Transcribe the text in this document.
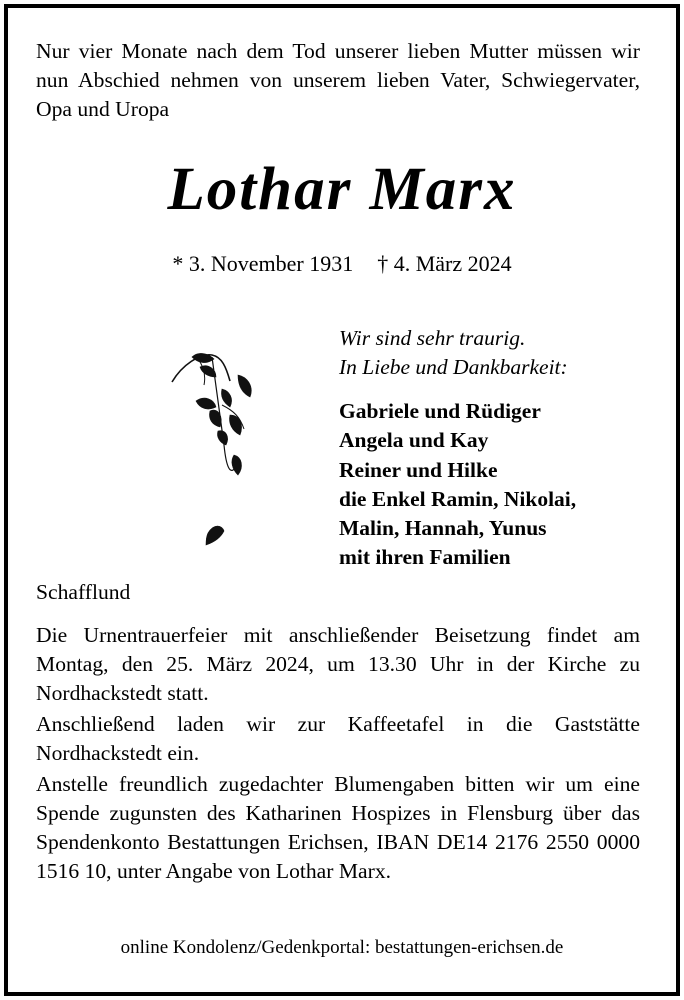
Nur vier Monate nach dem Tod unserer lieben Mutter müssen wir nun Abschied nehmen von unserem lieben Vater, Schwiegervater, Opa und Uropa
Lothar Marx
* 3. November 1931 † 4. März 2024
Wir sind sehr traurig.
In Liebe und Dankbarkeit:
Gabriele und Rüdiger
Angela und Kay
Reiner und Hilke
die Enkel Ramin, Nikolai,
Malin, Hannah, Yunus
mit ihren Familien
Schafflund

Die Urnentrauerfeier mit anschließender Beisetzung findet am Montag, den 25. März 2024, um 13.30 Uhr in der Kirche zu Nordhackstedt statt.

Anschließend laden wir zur Kaffeetafel in die Gaststätte Nordhackstedt ein.

Anstelle freundlich zugedachter Blumengaben bitten wir um eine Spende zugunsten des Katharinen Hospizes in Flensburg über das Spendenkonto Bestattungen Erichsen, IBAN DE14 2176 2550 0000 1516 10, unter Angabe von Lothar Marx.

online Kondolenz/Gedenkportal: bestattungen-erichsen.de
